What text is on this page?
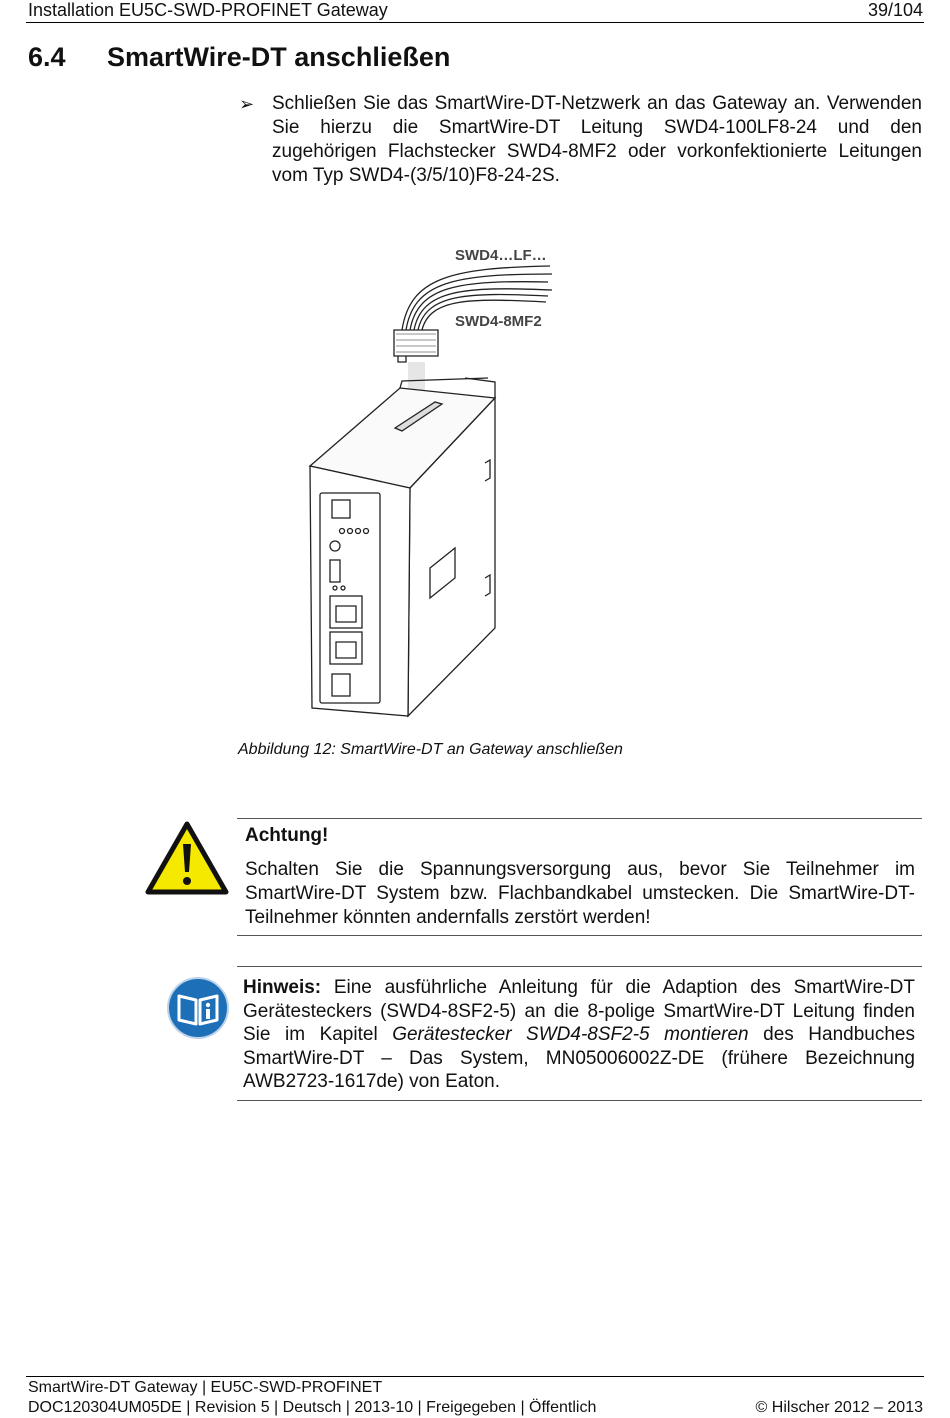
Installation EU5C-SWD-PROFINET Gateway	39/104
6.4 SmartWire-DT anschließen
➢ Schließen Sie das SmartWire-DT-Netzwerk an das Gateway an. Verwenden Sie hierzu die SmartWire-DT Leitung SWD4-100LF8-24 und den zugehörigen Flachstecker SWD4-8MF2 oder vorkonfektionierte Leitungen vom Typ SWD4-(3/5/10)F8-24-2S.
SWD4…LF…
SWD4-8MF2
Abbildung 12: SmartWire-DT an Gateway anschließen
Achtung!
Schalten Sie die Spannungsversorgung aus, bevor Sie Teilnehmer im SmartWire-DT System bzw. Flachbandkabel umstecken. Die SmartWire-DT-Teilnehmer könnten andernfalls zerstört werden!
Hinweis: Eine ausführliche Anleitung für die Adaption des SmartWire-DT Gerätesteckers (SWD4-8SF2-5) an die 8-polige SmartWire-DT Leitung finden Sie im Kapitel Gerätestecker SWD4-8SF2-5 montieren des Handbuches SmartWire-DT – Das System, MN05006002Z-DE (frühere Bezeichnung AWB2723-1617de) von Eaton.
SmartWire-DT Gateway | EU5C-SWD-PROFINET
DOC120304UM05DE | Revision 5 | Deutsch | 2013-10 | Freigegeben | Öffentlich	© Hilscher 2012 – 2013
